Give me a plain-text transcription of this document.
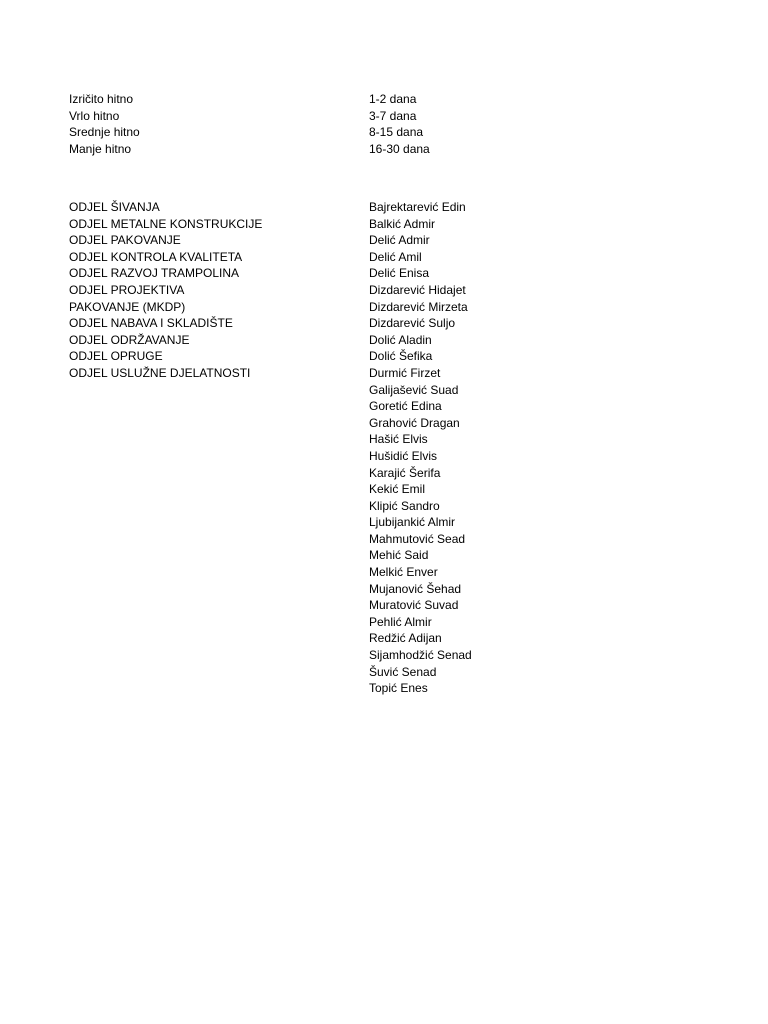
Izričito hitno
Vrlo hitno
Srednje hitno
Manje hitno
1-2 dana
3-7 dana
8-15 dana
16-30 dana
ODJEL ŠIVANJA
ODJEL METALNE KONSTRUKCIJE
ODJEL PAKOVANJE
ODJEL KONTROLA KVALITETA
ODJEL RAZVOJ TRAMPOLINA
ODJEL PROJEKTIVA
PAKOVANJE (MKDP)
ODJEL NABAVA I SKLADIŠTE
ODJEL ODRŽAVANJE
ODJEL OPRUGE
ODJEL USLUŽNE DJELATNOSTI
Bajrektarević Edin
Balkić Admir
Delić Admir
Delić Amil
Delić Enisa
Dizdarević Hidajet
Dizdarević Mirzeta
Dizdarević Suljo
Dolić Aladin
Dolić Šefika
Durmić Firzet
Galijašević Suad
Goretić Edina
Grahović Dragan
Hašić Elvis
Hušidić Elvis
Karajić Šerifa
Kekić Emil
Klipić Sandro
Ljubijankić Almir
Mahmutović Sead
Mehić Said
Melkić Enver
Mujanović Šehad
Muratović Suvad
Pehlić Almir
Redžić Adijan
Sijamhodžić Senad
Šuvić Senad
Topić Enes
